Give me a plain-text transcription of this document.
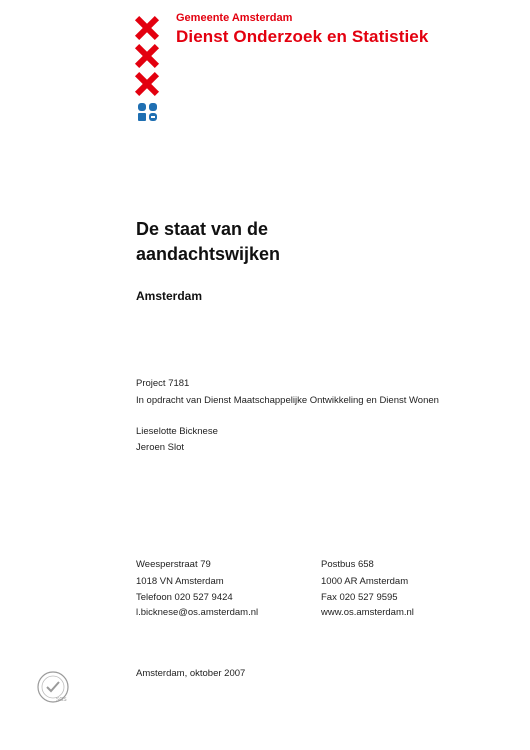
Gemeente Amsterdam
Dienst Onderzoek en Statistiek
De staat van de
aandachtswijken
Amsterdam
Project 7181
In opdracht van Dienst Maatschappelijke Ontwikkeling en Dienst Wonen
Lieselotte Bicknese
Jeroen Slot
Weesperstraat 79
1018 VN Amsterdam
Telefoon 020 527 9424
l.bicknese@os.amsterdam.nl
Postbus 658
1000 AR Amsterdam
Fax 020 527 9595
www.os.amsterdam.nl
Amsterdam, oktober 2007
SGS
